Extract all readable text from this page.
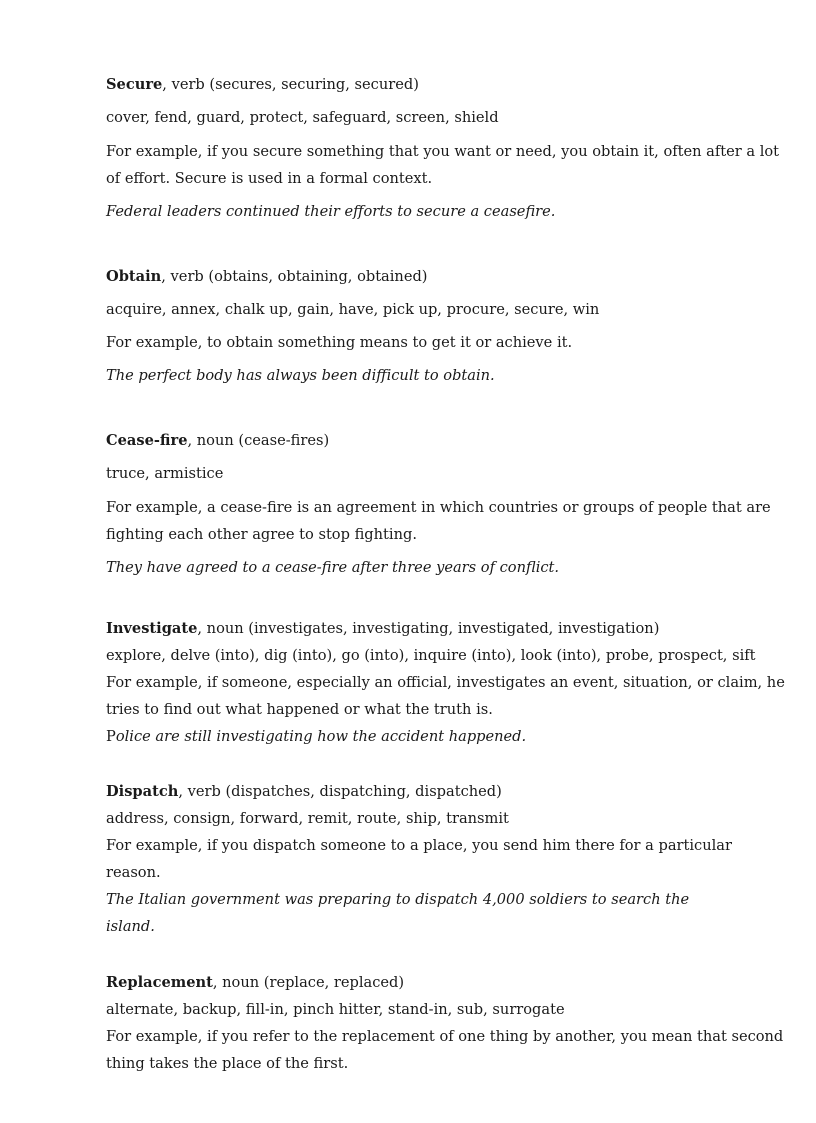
Secure, verb (secures, securing, secured)
cover, fend, guard, protect, safeguard, screen, shield
For example, if you secure something that you want or need, you obtain it, often after a lot
of effort. Secure is used in a formal context.
Federal leaders continued their efforts to secure a ceasefire.
Obtain, verb (obtains, obtaining, obtained)
acquire, annex, chalk up, gain, have, pick up, procure, secure, win
For example, to obtain something means to get it or achieve it.
The perfect body has always been difficult to obtain.
Cease-fire, noun (cease-fires)
truce, armistice
For example, a cease-fire is an agreement in which countries or groups of people that are
fighting each other agree to stop fighting.
They have agreed to a cease-fire after three years of conflict.
Investigate, noun (investigates, investigating, investigated, investigation)
explore, delve (into), dig (into), go (into), inquire (into), look (into), probe, prospect, sift
For example, if someone, especially an official, investigates an event, situation, or claim, he
tries to find out what happened or what the truth is.
Police are still investigating how the accident happened.
Dispatch, verb (dispatches, dispatching, dispatched)
address, consign, forward, remit, route, ship, transmit
For example, if you dispatch someone to a place, you send him there for a particular
reason.
The Italian government was preparing to dispatch 4,000 soldiers to search the
island.
Replacement, noun (replace, replaced)
alternate, backup, fill-in, pinch hitter, stand-in, sub, surrogate
For example, if you refer to the replacement of one thing by another, you mean that second
thing takes the place of the first.
